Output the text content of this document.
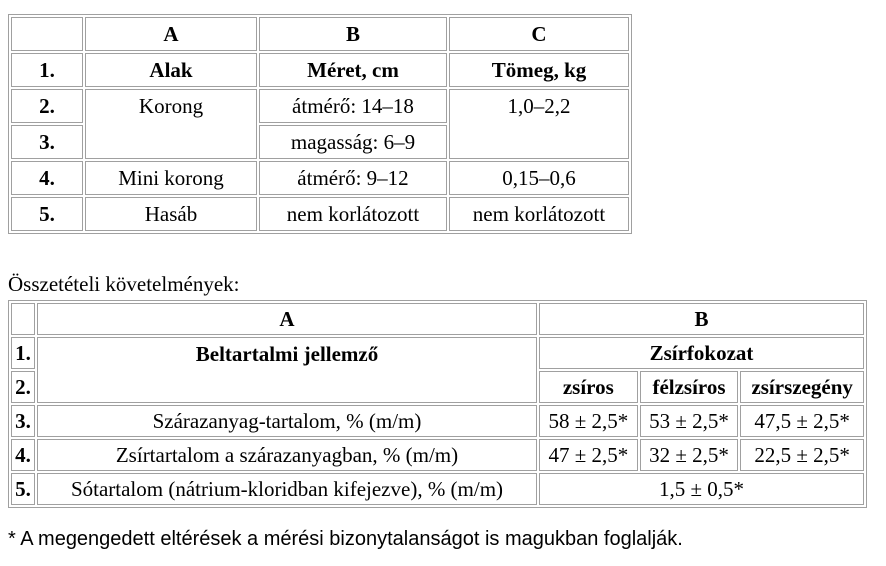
	A	B	C
1.	Alak	Méret, cm	Tömeg, kg
2.	Korong	átmérő: 14–18	1,0–2,2
3.		magasság: 6–9	
4.	Mini korong	átmérő: 9–12	0,15–0,6
5.	Hasáb	nem korlátozott	nem korlátozott
Összetételi követelmények:
	A	B		
1.	Beltartalmi jellemző	Zsírfokozat		
2.		zsíros	félzsíros	zsírszegény
3.	Szárazanyag-tartalom, % (m/m)	58 ± 2,5*	53 ± 2,5*	47,5 ± 2,5*
4.	Zsírtartalom a szárazanyagban, % (m/m)	47 ± 2,5*	32 ± 2,5*	22,5 ± 2,5*
5.	Sótartalom (nátrium-kloridban kifejezve), % (m/m)	1,5 ± 0,5*		
* A megengedett eltérések a mérési bizonytalanságot is magukban foglalják.
